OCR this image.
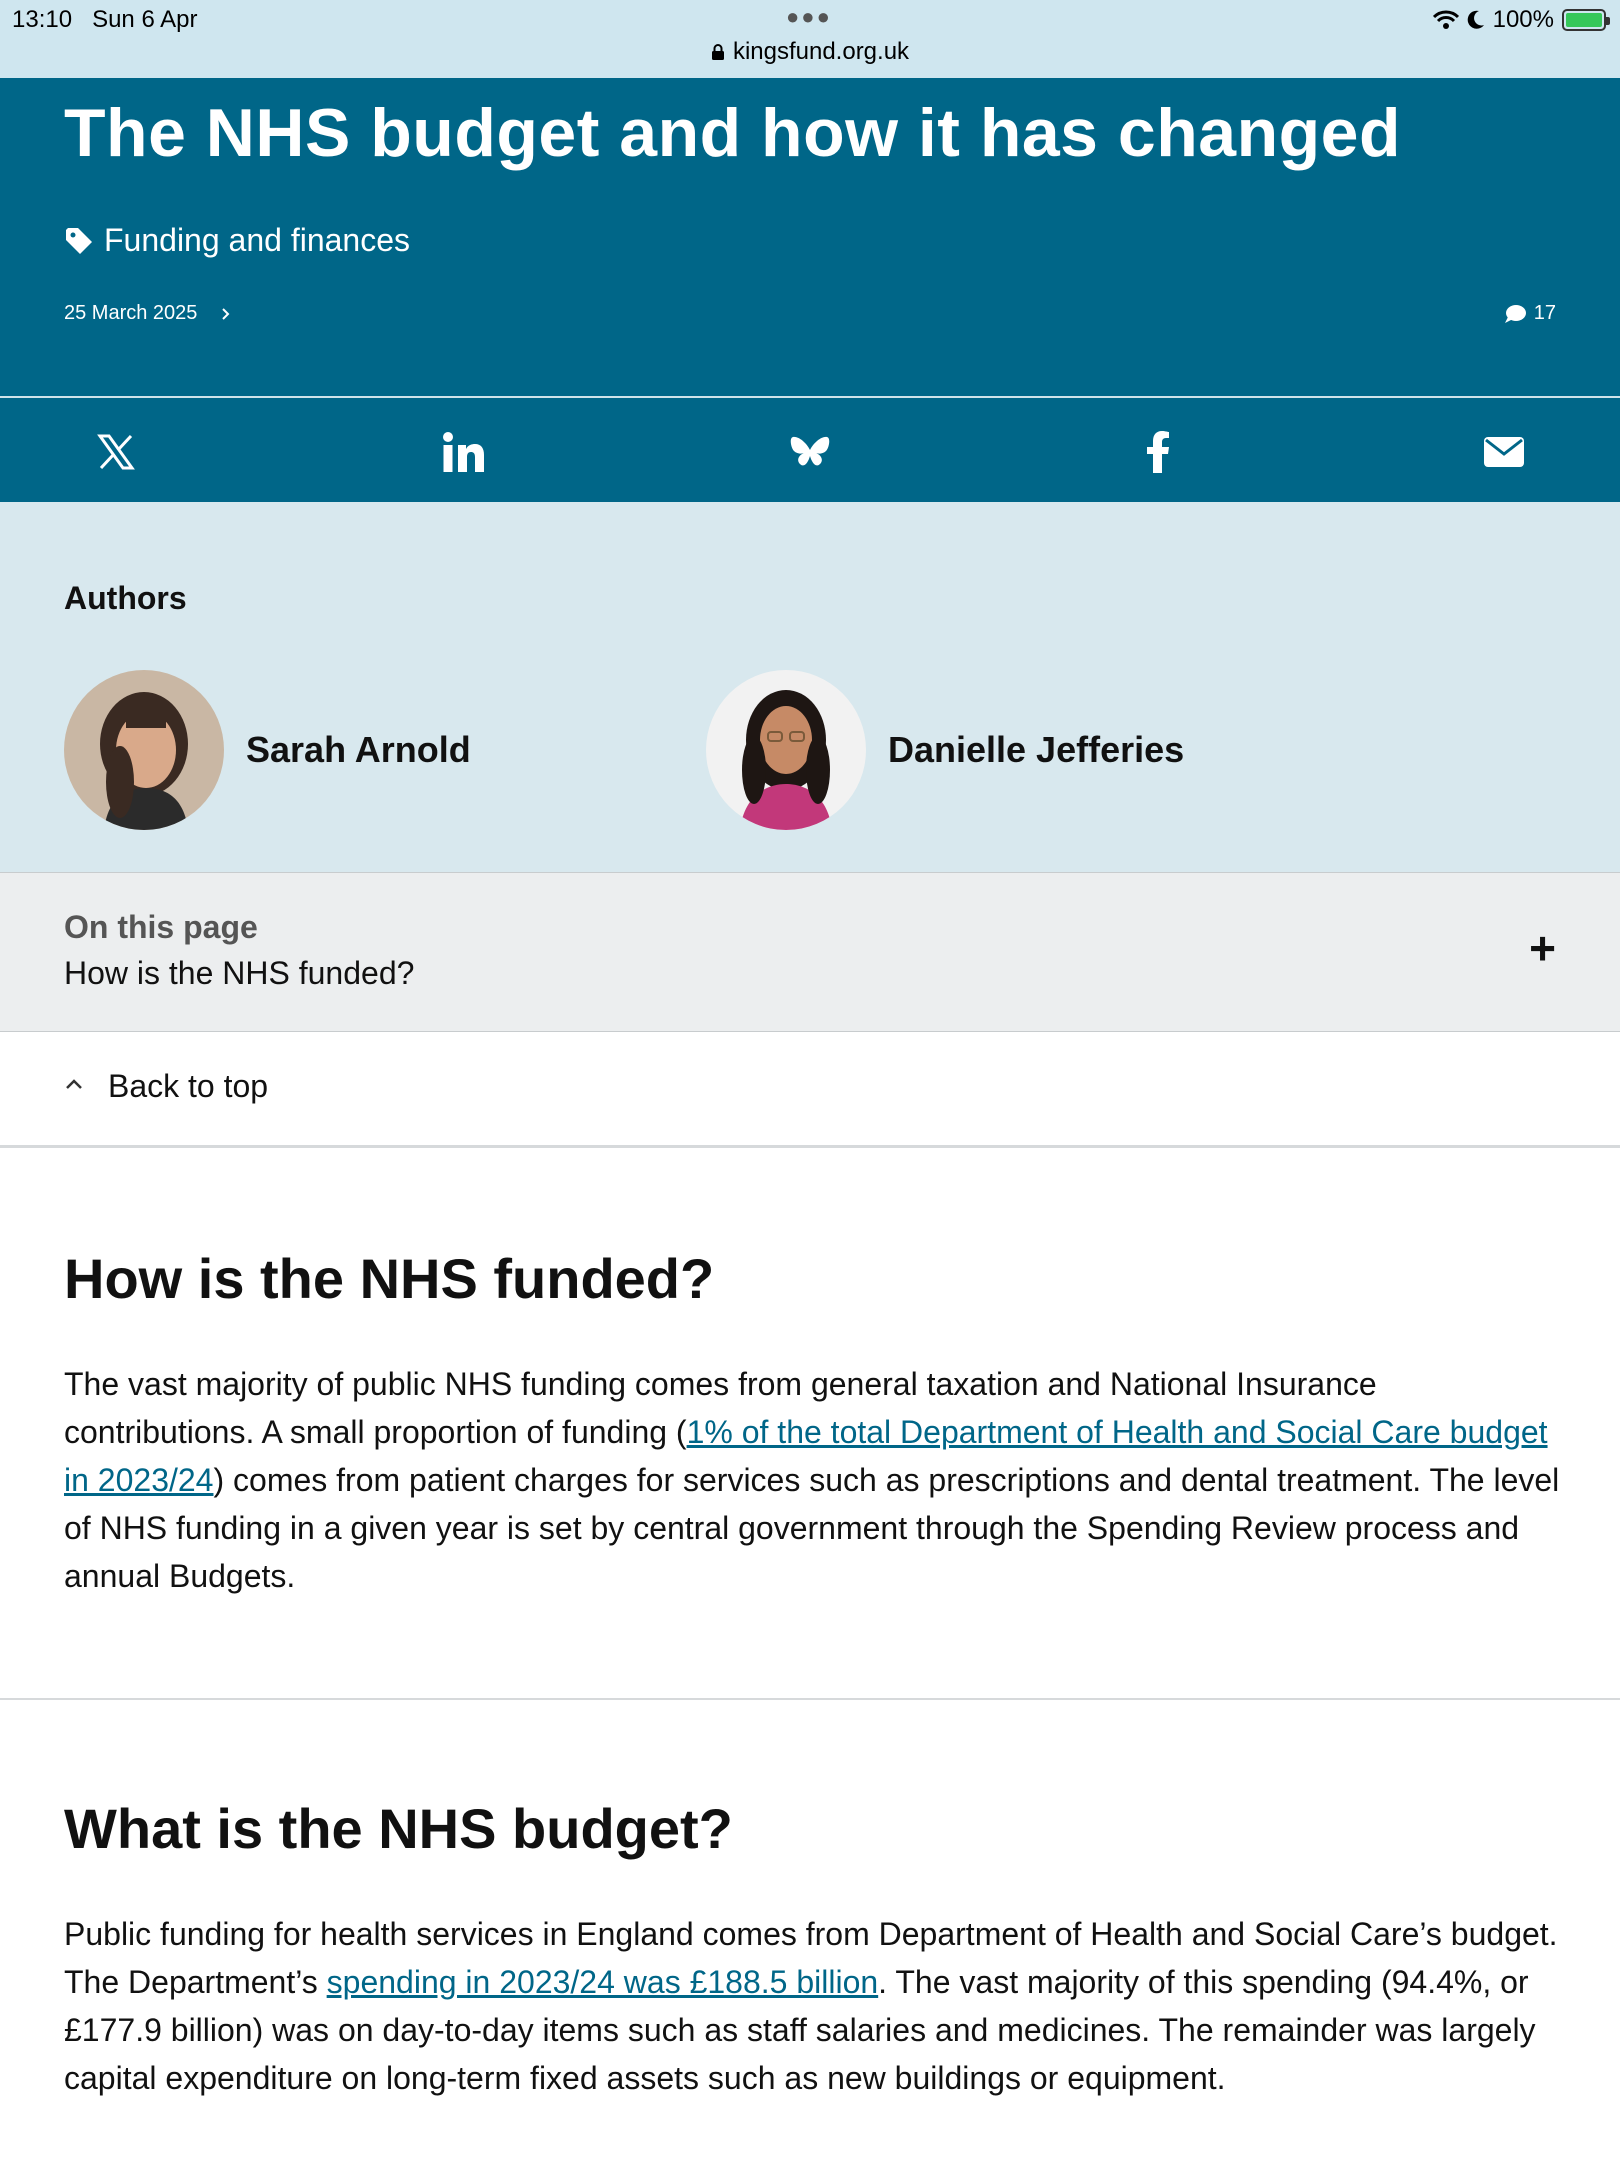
13:10 Sun 6 Apr	●●●
kingsfund.org.uk
100%
The NHS budget and how it has changed
Funding and finances
25 March 2025	17
Authors
Sarah Arnold	Danielle Jefferies
On this page
How is the NHS funded?	+
Back to top
How is the NHS funded?

The vast majority of public NHS funding comes from general taxation and National Insurance contributions. A small proportion of funding (1% of the total Department of Health and Social Care budget in 2023/24) comes from patient charges for services such as prescriptions and dental treatment. The level of NHS funding in a given year is set by central government through the Spending Review process and annual Budgets.

What is the NHS budget?

Public funding for health services in England comes from Department of Health and Social Care’s budget. The Department’s spending in 2023/24 was £188.5 billion. The vast majority of this spending (94.4%, or £177.9 billion) was on day-to-day items such as staff salaries and medicines. The remainder was largely capital expenditure on long-term fixed assets such as new buildings or equipment.
